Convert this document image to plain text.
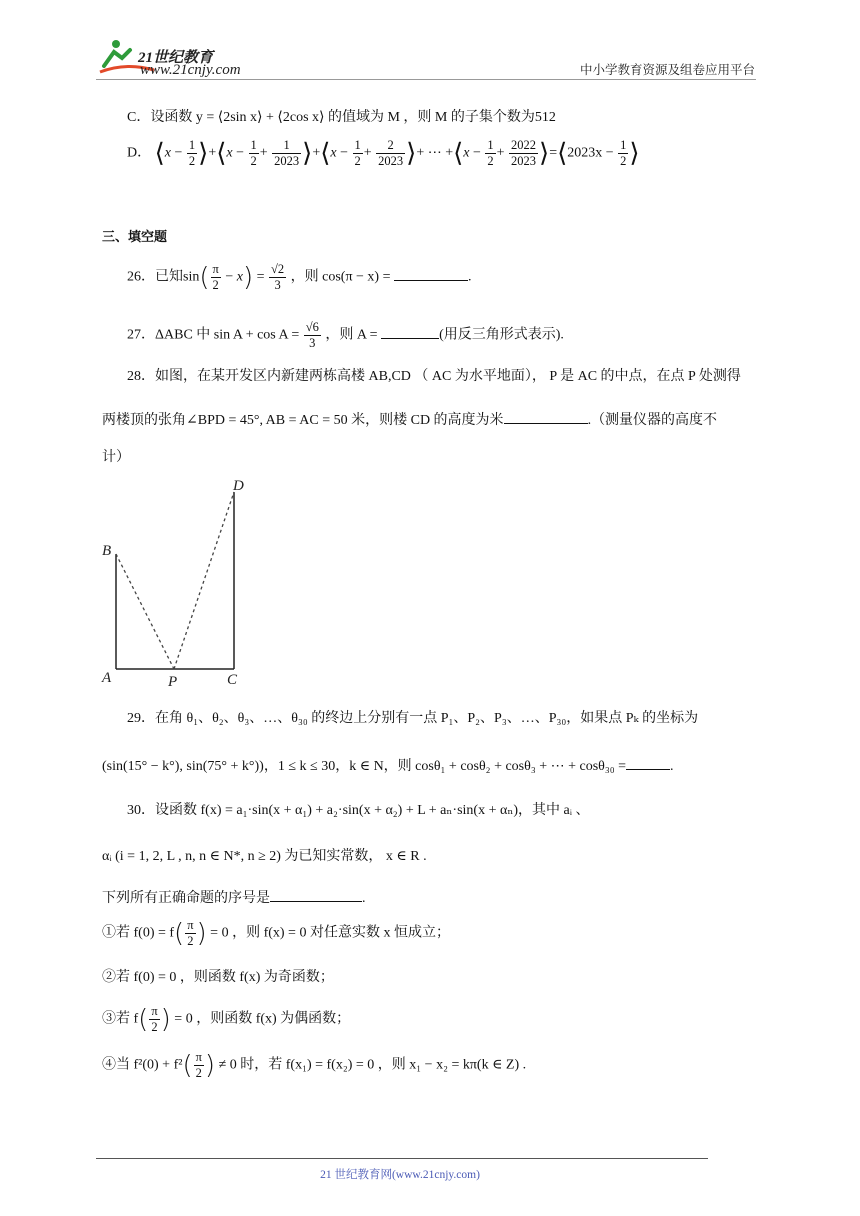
21世纪教育
www.21cnjy.com	中小学教育资源及组卷应用平台
C．设函数 y = ⟨2sin x⟩ + ⟨2cos x⟩ 的值域为 M ，则 M 的子集个数为512
D． ⟨x − $\frac{1}{2}$ ⟩+⟨x − $\frac{1}{2} + \frac{1}{2023}$ ⟩+⟨x − $\frac{1}{2} + \frac{2}{2023}$ ⟩+ ⋯ +⟨x − $\frac{1}{2} + \frac{2022}{2023}$ ⟩=⟨2023x − $\frac{1}{2}$ ⟩
三、填空题
26．已知$\sin( \frac{\pi}{2} - x) = \frac{√2}{3}$ ，则 cos(π − x) =	.
27．ΔABC 中 $\sin A + \cos A = \frac{√6}{3}$ ，则 A =	(用反三角形式表示).
28．如图，在某开发区内新建两栋高楼 AB,CD （ AC 为水平地面）， P 是 AC 的中点，在点 P 处测得
两楼顶的张角∠BPD = 45°, AB = AC = 50 米，则楼 CD 的高度为米	.（测量仪器的高度不
计）
B
A	P	C
D
29．在角 θ₁、θ₂、θ₃、…、θ₃₀ 的终边上分别有一点 P₁、P₂、P₃、…、P₃₀，如果点 Pₖ 的坐标为
(sin(15° − k°), sin(75° + k°))，1 ≤ k ≤ 30，k ∈ N，则 cosθ₁ + cosθ₂ + cosθ₃ + ⋯ + cosθ₃₀ =	.
30．设函数 f(x) = a₁·sin(x + α₁) + a₂·sin(x + α₂) + L + aₙ·sin(x + αₙ)，其中 aᵢ 、
αᵢ (i = 1, 2, L , n, n ∈ N*, n ≥ 2) 为已知实常数， x ∈ R .
下列所有正确命题的序号是	.
①若 $f(0) = f( \frac{\pi}{2}$ ) = 0 ，则 f(x) = 0 对任意实数 x 恒成立；
②若 f(0) = 0 ，则函数 f(x) 为奇函数；
③若 $f( \frac{\pi}{2}$ ) = 0 ，则函数 f(x) 为偶函数；
④当 $f^2(0) + f^2( \frac{\pi}{2}$ ) ≠ 0 时，若 f(x₁) = f(x₂) = 0 ，则 x₁ − x₂ = kπ(k ∈ Z) .
21 世纪教育网(www.21cnjy.com)
